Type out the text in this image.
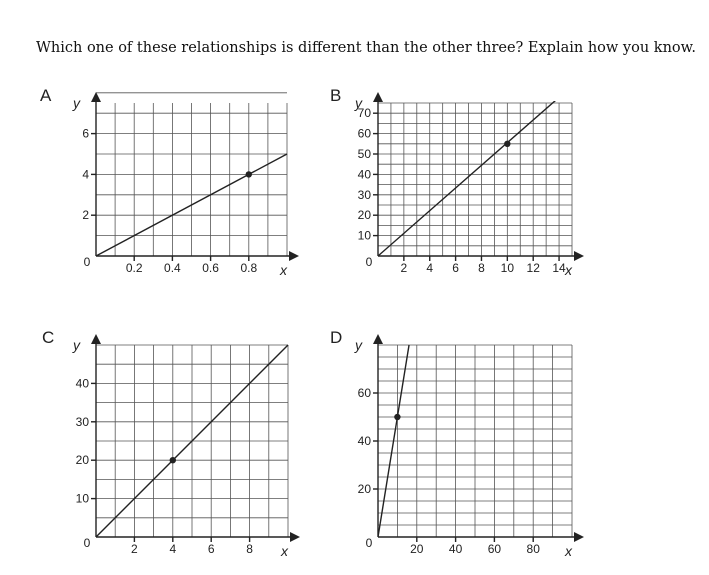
Which one of these relationships is different than the other three? Explain how you know.
A
x
y
0	0.2 0.4 0.6 0.8
2
4
6
B
x
y
0 2 4 6 8 10 12 14
10
20
30
40
50
60
70
C
x
y
0	2	4	6	8
10
20
30
40
D
x
y
0	20 40 60 80
20
40
60
